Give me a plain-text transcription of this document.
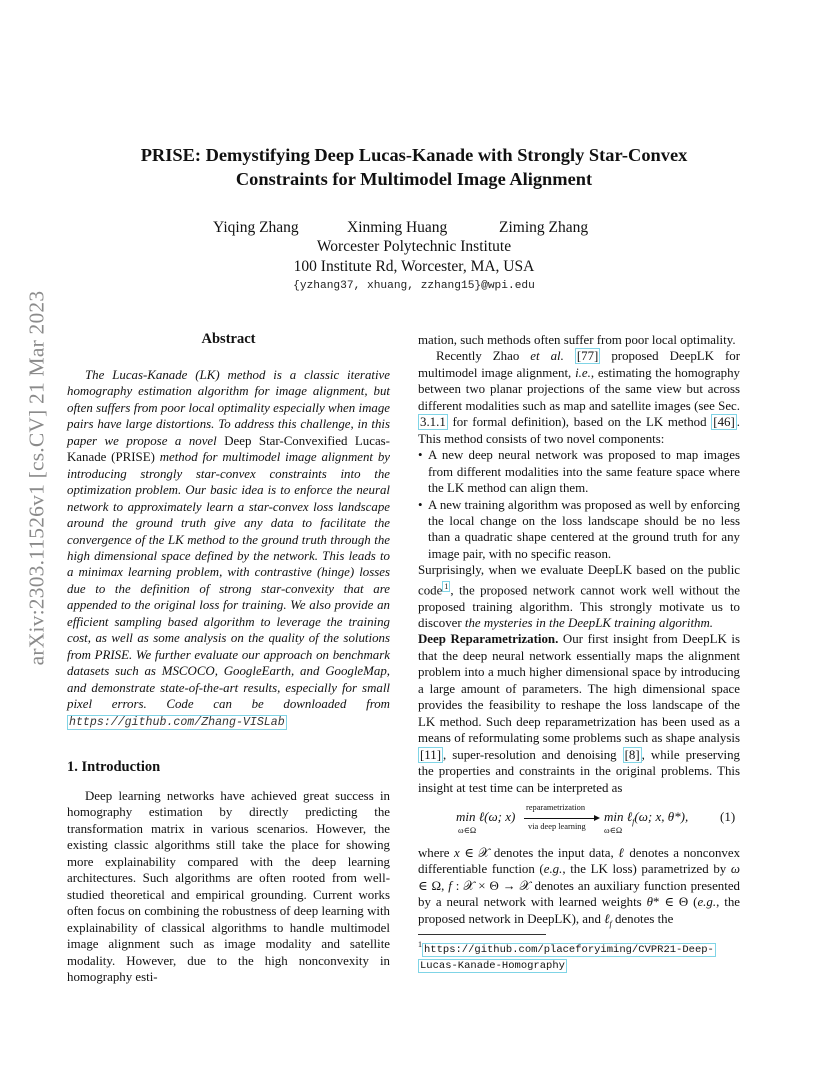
arXiv:2303.11526v1 [cs.CV] 21 Mar 2023
PRISE: Demystifying Deep Lucas-Kanade with Strongly Star-Convex
Constraints for Multimodel Image Alignment
Yiqing Zhang	Xinming Huang	Ziming Zhang
Worcester Polytechnic Institute
100 Institute Rd, Worcester, MA, USA
{yzhang37, xhuang, zzhang15}@wpi.edu
Abstract

The Lucas-Kanade (LK) method is a classic iterative homography estimation algorithm for image alignment, but often suffers from poor local optimality especially when image pairs have large distortions. To address this challenge, in this paper we propose a novel Deep Star-Convexified Lucas-Kanade (PRISE) method for multimodel image alignment by introducing strongly star-convex constraints into the optimization problem. Our basic idea is to enforce the neural network to approximately learn a star-convex loss landscape around the ground truth give any data to facilitate the convergence of the LK method to the ground truth through the high dimensional space defined by the network. This leads to a minimax learning problem, with contrastive (hinge) losses due to the definition of strong star-convexity that are appended to the original loss for training. We also provide an efficient sampling based algorithm to leverage the training cost, as well as some analysis on the quality of the solutions from PRISE. We further evaluate our approach on benchmark datasets such as MSCOCO, GoogleEarth, and GoogleMap, and demonstrate state-of-the-art results, especially for small pixel errors. Code can be downloaded from https://github.com/Zhang-VISLab

1. Introduction

Deep learning networks have achieved great success in homography estimation by directly predicting the transformation matrix in various scenarios. However, the existing classic algorithms still take the place for showing more explainability compared with the deep learning architectures. Such algorithms are often rooted from well-studied theoretical and empirical grounding. Current works often focus on combining the robustness of deep learning with explainability of classical algorithms to handle multimodel image alignment such as image modality and satellite modality. However, due to the high nonconvexity in homography esti-

mation, such methods often suffer from poor local optimality.

Recently Zhao et al. [77] proposed DeepLK for multimodel image alignment, i.e., estimating the homography between two planar projections of the same view but across different modalities such as map and satellite images (see Sec. 3.1.1 for formal definition), based on the LK method [46] . This method consists of two novel components:

• A new deep neural network was proposed to map images from different modalities into the same feature space where the LK method can align them.
• A new training algorithm was proposed as well by enforcing the local change on the loss landscape should be no less than a quadratic shape centered at the ground truth for any image pair, with no specific reason.

Surprisingly, when we evaluate DeepLK based on the public code $^1$ , the proposed network cannot work well without the proposed training algorithm. This strongly motivate us to discover the mysteries in the DeepLK training algorithm.

Deep Reparametrization. Our first insight from DeepLK is that the deep neural network essentially maps the alignment problem into a much higher dimensional space by introducing a large amount of parameters. The high dimensional space provides the feasibility to reshape the loss landscape of the LK method. Such deep reparametrization has been used as a means of reformulating some problems such as shape analysis [11] , super-resolution and denoising [8] , while preserving the properties and constraints in the original problems. This insight at test time can be interpreted as

min ℓ(ω; x)
ω∈Ω
reparametrization
via deep learning
min ℓ$_f$(ω; x, θ*),
ω∈Ω
(1)

where x ∈ 𝒳 denotes the input data, ℓ denotes a nonconvex differentiable function (e.g., the LK loss) parametrized by ω ∈ Ω, f : 𝒳 × Θ → 𝒳 denotes an auxiliary function presented by a neural network with learned weights θ* ∈ Θ (e.g., the proposed network in DeepLK), and ℓ$_f$ denotes the

$^1$ https://github.com/placeforyiming/CVPR21-Deep-
Lucas-Kanade-Homography
